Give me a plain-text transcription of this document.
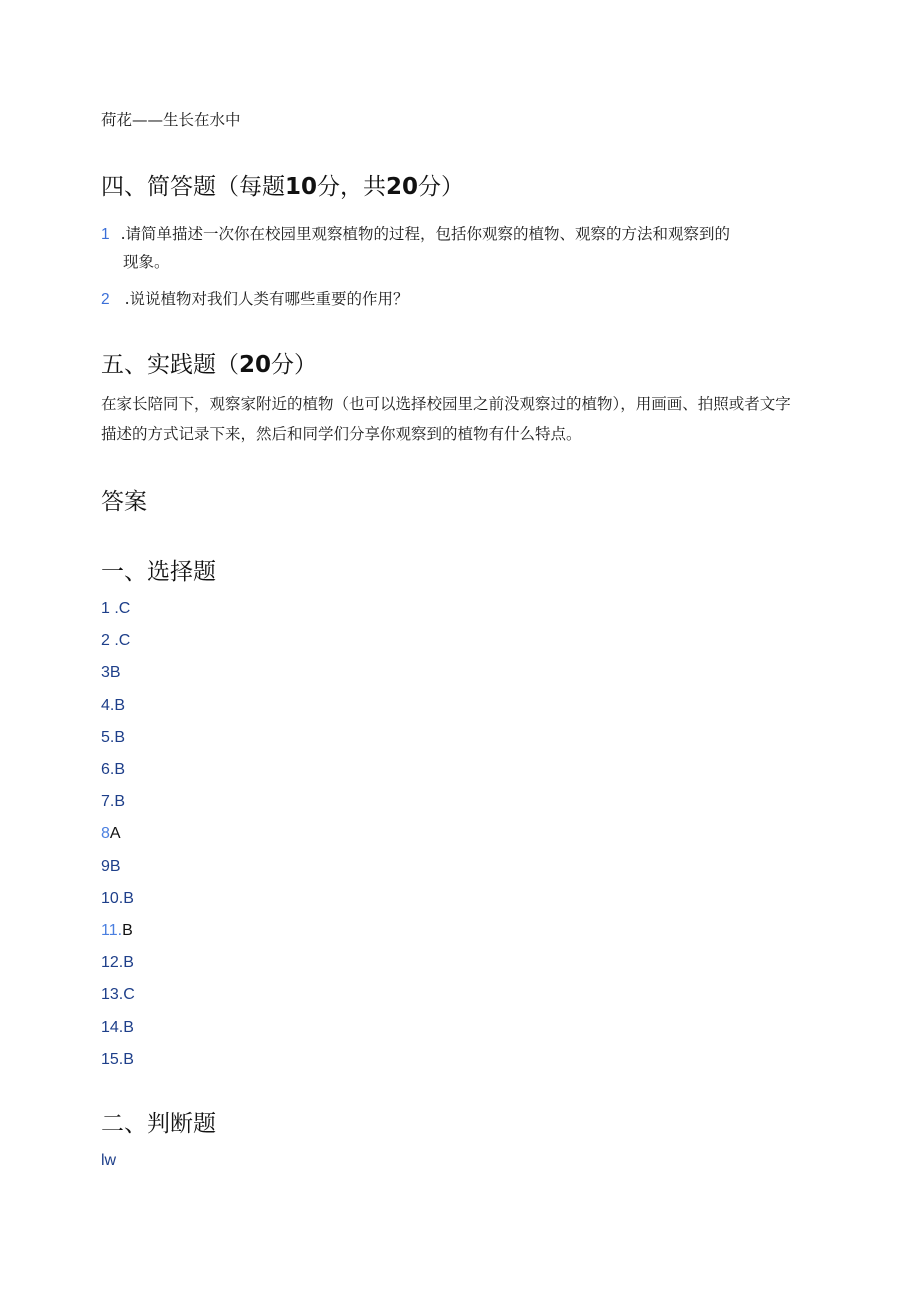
荷花——生长在水中
四、简答题（每题10分，共20分）
1 .请简单描述一次你在校园里观察植物的过程，包括你观察的植物、观察的方法和观察到的
现象。
2 .说说植物对我们人类有哪些重要的作用？
五、实践题（20分）
在家长陪同下，观察家附近的植物（也可以选择校园里之前没观察过的植物），用画画、拍照或者文字描述的方式记录下来，然后和同学们分享你观察到的植物有什么特点。
答案
一、选择题
1 .C
2 .C
3B
4.B
5.B
6.B
7.B
8A
9B
10.B
11.B
12.B
13.C
14.B
15.B
二、判断题
lw
